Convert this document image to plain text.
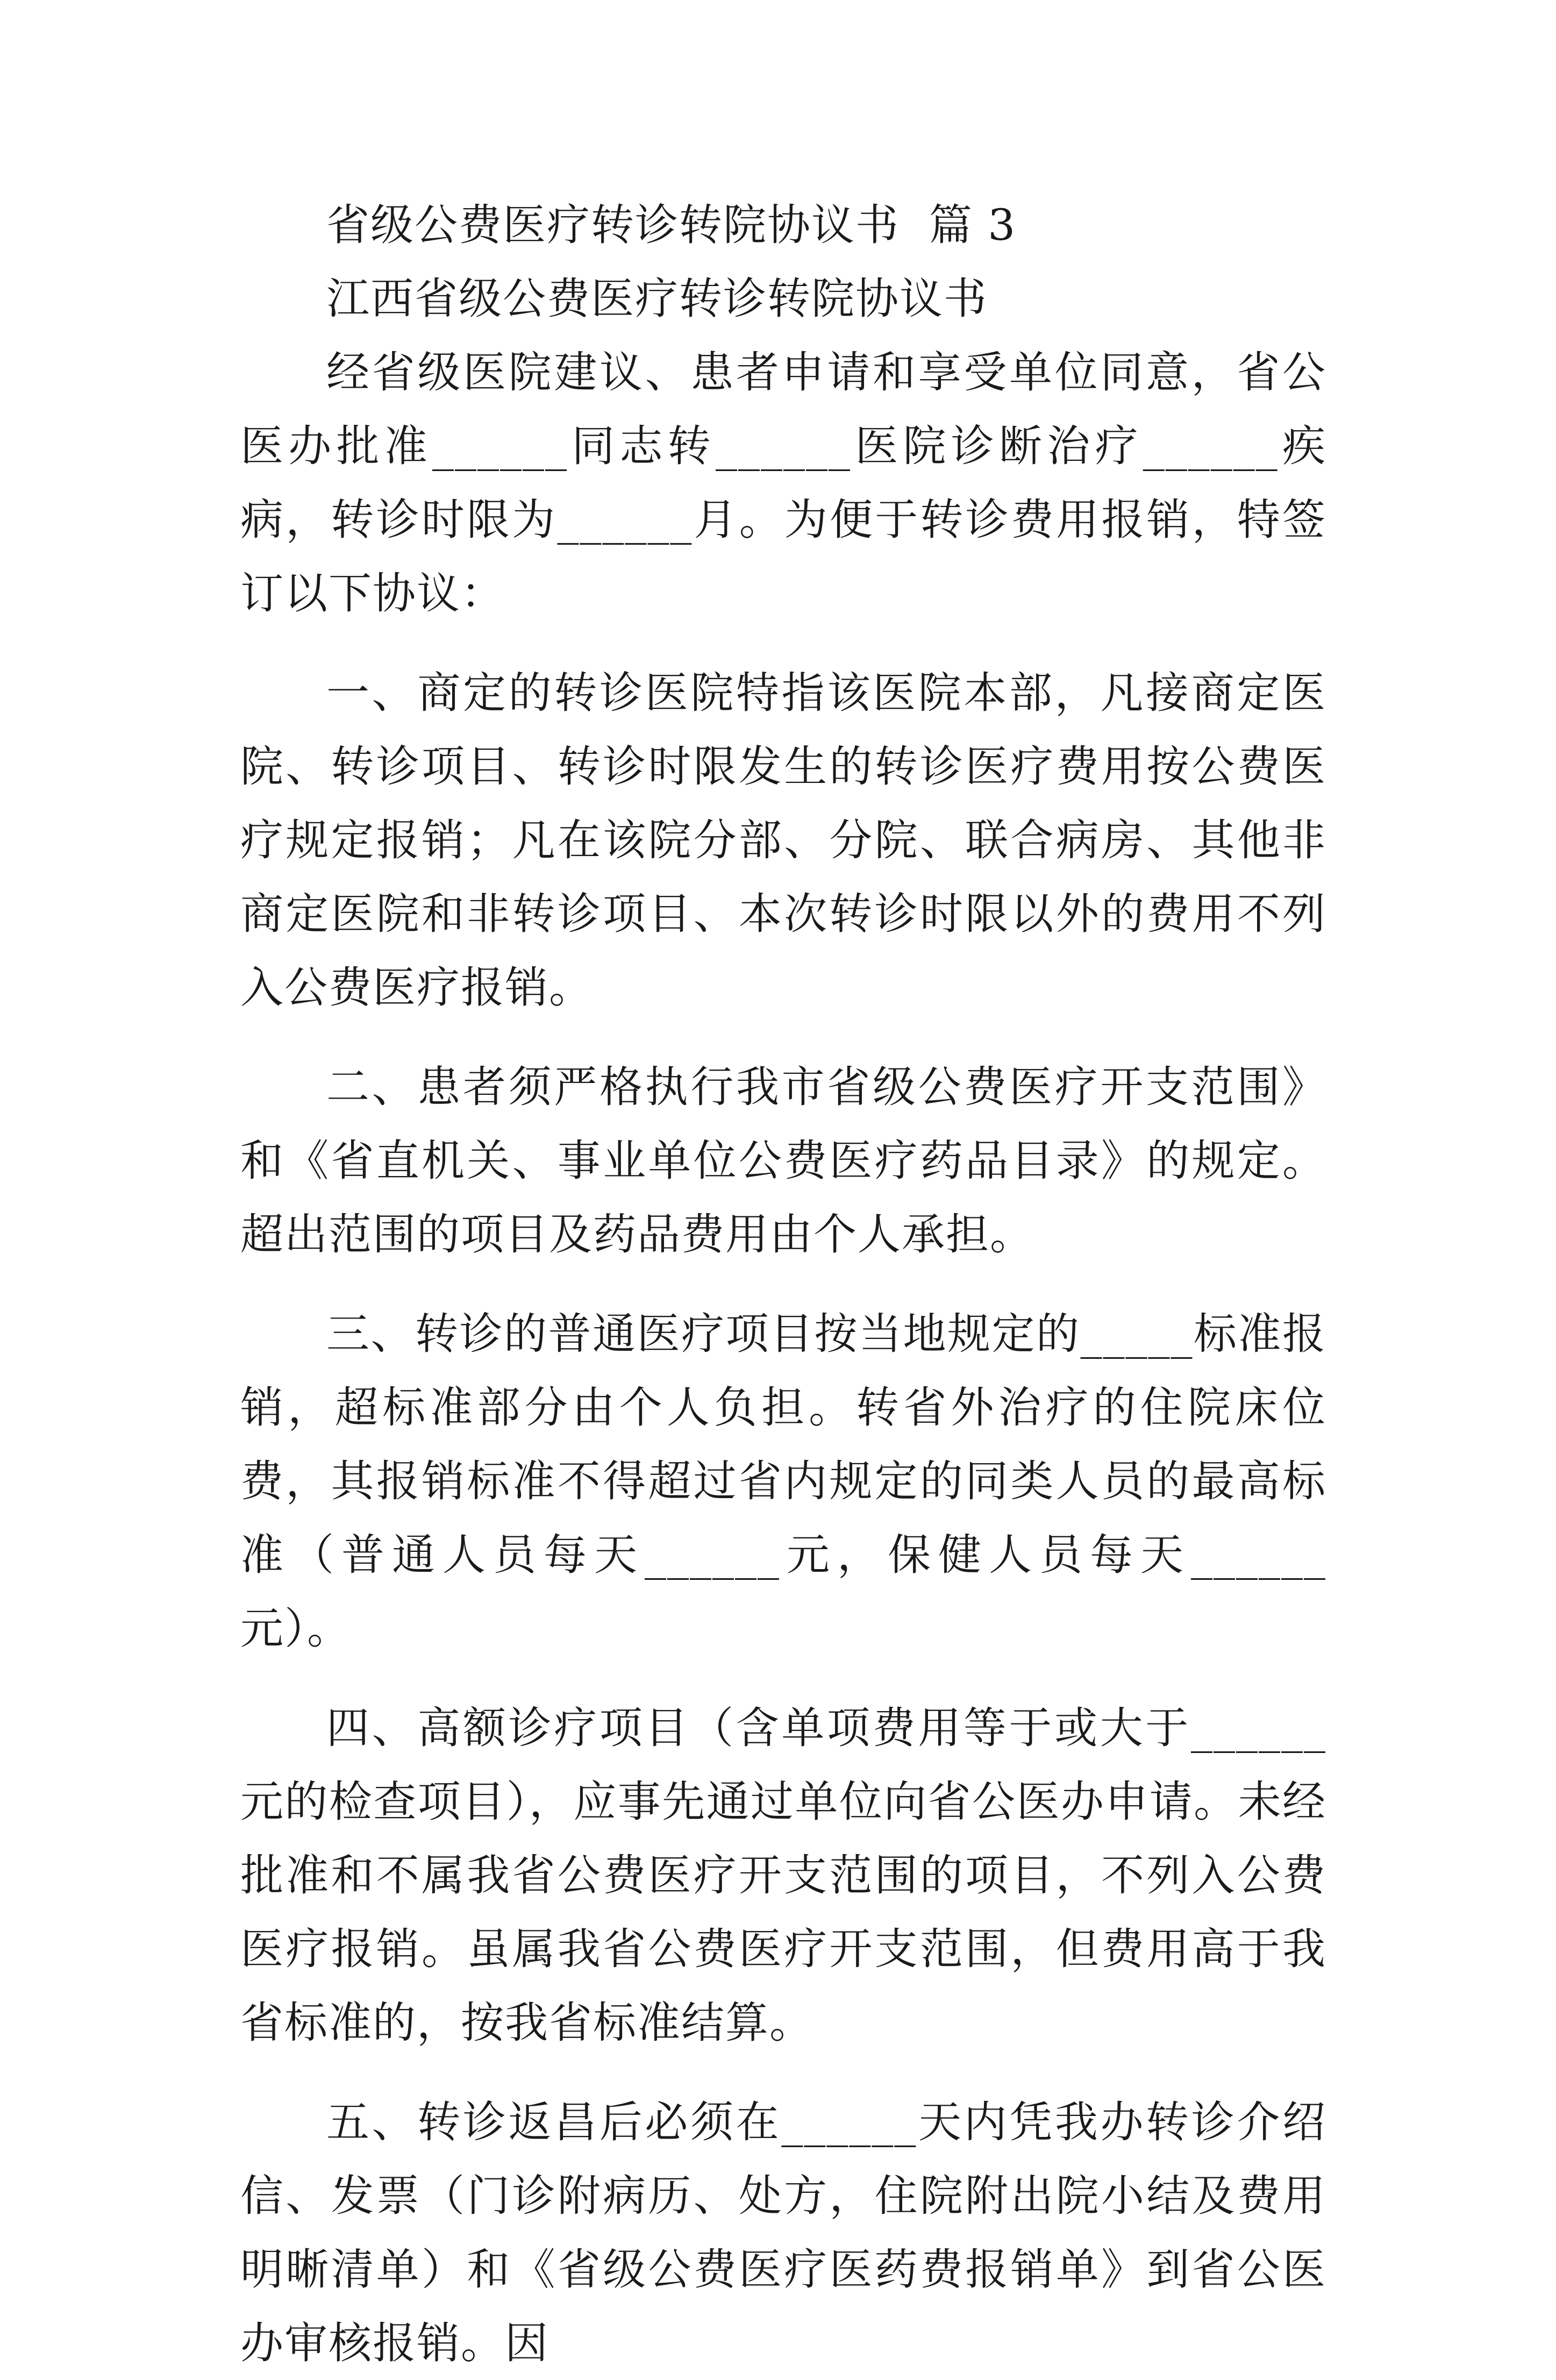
省级公费医疗转诊转院协议书  篇 3

江西省级公费医疗转诊转院协议书

经省级医院建议、患者申请和享受单位同意，省公医办批准______同志转______医院诊断治疗______疾病，转诊时限为______月。为便于转诊费用报销，特签订以下协议：

一、商定的转诊医院特指该医院本部，凡接商定医院、转诊项目、转诊时限发生的转诊医疗费用按公费医疗规定报销；凡在该院分部、分院、联合病房、其他非商定医院和非转诊项目、本次转诊时限以外的费用不列入公费医疗报销。

二、患者须严格执行我市省级公费医疗开支范围》和《省直机关、事业单位公费医疗药品目录》的规定。超出范围的项目及药品费用由个人承担。

三、转诊的普通医疗项目按当地规定的_____标准报销，超标准部分由个人负担。转省外治疗的住院床位费，其报销标准不得超过省内规定的同类人员的最高标准（普通人员每天______元，保健人员每天______元）。

四、高额诊疗项目（含单项费用等于或大于______元的检查项目），应事先通过单位向省公医办申请。未经批准和不属我省公费医疗开支范围的项目，不列入公费医疗报销。虽属我省公费医疗开支范围，但费用高于我省标准的，按我省标准结算。

五、转诊返昌后必须在______天内凭我办转诊介绍信、发票（门诊附病历、处方，住院附出院小结及费用明晰清单）和《省级公费医疗医药费报销单》到省公医办审核报销。因
